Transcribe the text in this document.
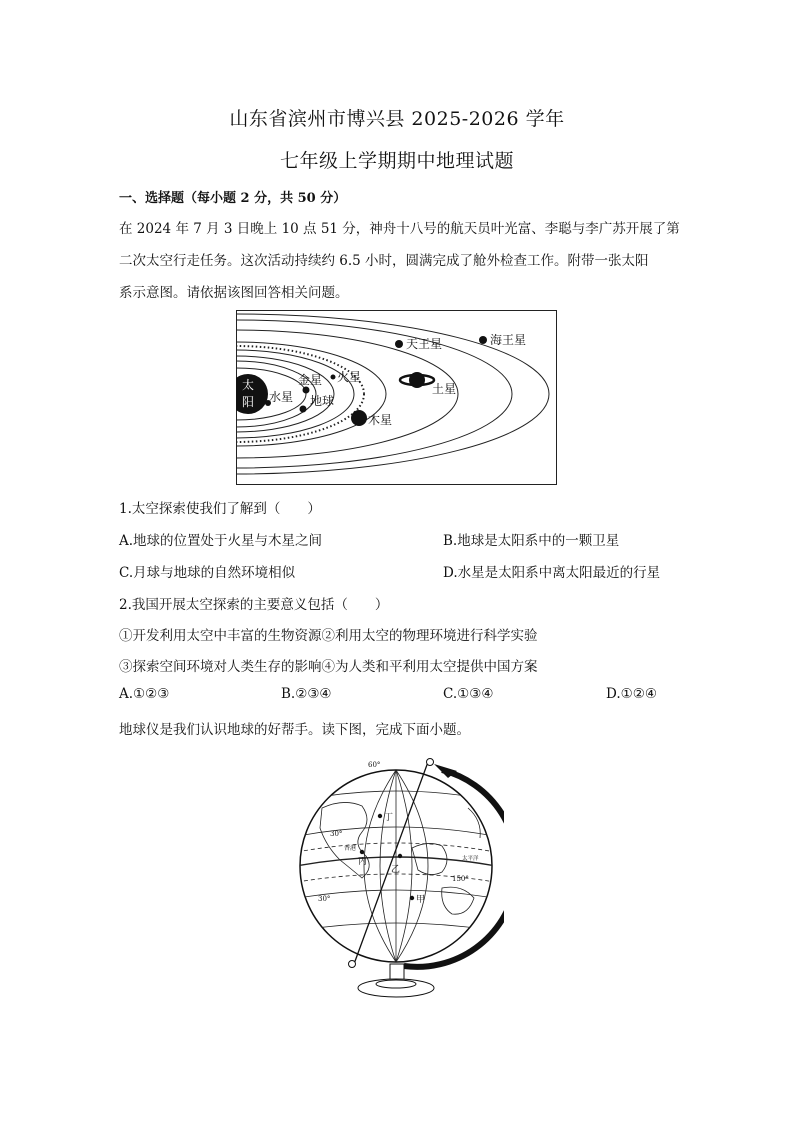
山东省滨州市博兴县 2025-2026 学年
七年级上学期期中地理试题
一、选择题（每小题 2 分，共 50 分）
在 2024 年 7 月 3 日晚上 10 点 51 分，神舟十八号的航天员叶光富、李聪与李广苏开展了第
二次太空行走任务。这次活动持续约 6.5 小时，圆满完成了舱外检查工作。附带一张太阳
系示意图。请依据该图回答相关问题。
太
阳 水星
金星
地球
火星
木星
土星
天王星	海王星
1.太空探索使我们了解到（　　）
A.地球的位置处于火星与木星之间	B.地球是太阳系中的一颗卫星
C.月球与地球的自然环境相似	D.水星是太阳系中离太阳最近的行星
2.我国开展太空探索的主要意义包括（　　）
①开发利用太空中丰富的生物资源②利用太空的物理环境进行科学实验
③探索空间环境对人类生存的影响④为人类和平利用太空提供中国方案
A.①②③	B.②③④	C.①③④	D.①②④
地球仪是我们认识地球的好帮手。读下图，完成下面小题。
丁
丙
乙
甲
60°
30°
30°
150°
香港
太平洋
